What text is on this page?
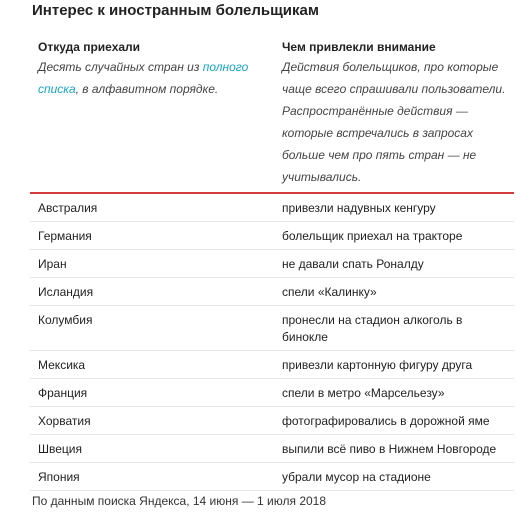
Интерес к иностранным болельщикам
Откуда приехали	Чем привлекли внимание
Десять случайных стран из полного списка, в алфавитном порядке.
Действия болельщиков, про которые чаще всего спрашивали пользователи. Распространённые действия — которые встречались в запросах больше чем про пять стран — не учитывались.
Австралия	привезли надувных кенгуру
Германия	болельщик приехал на тракторе
Иран	не давали спать Роналду
Исландия	спели «Калинку»
Колумбия	пронесли на стадион алкоголь в бинокле
Мексика	привезли картонную фигуру друга
Франция	спели в метро «Марсельезу»
Хорватия	фотографировались в дорожной яме
Швеция	выпили всё пиво в Нижнем Новгороде
Япония	убрали мусор на стадионе
По данным поиска Яндекса, 14 июня — 1 июля 2018
